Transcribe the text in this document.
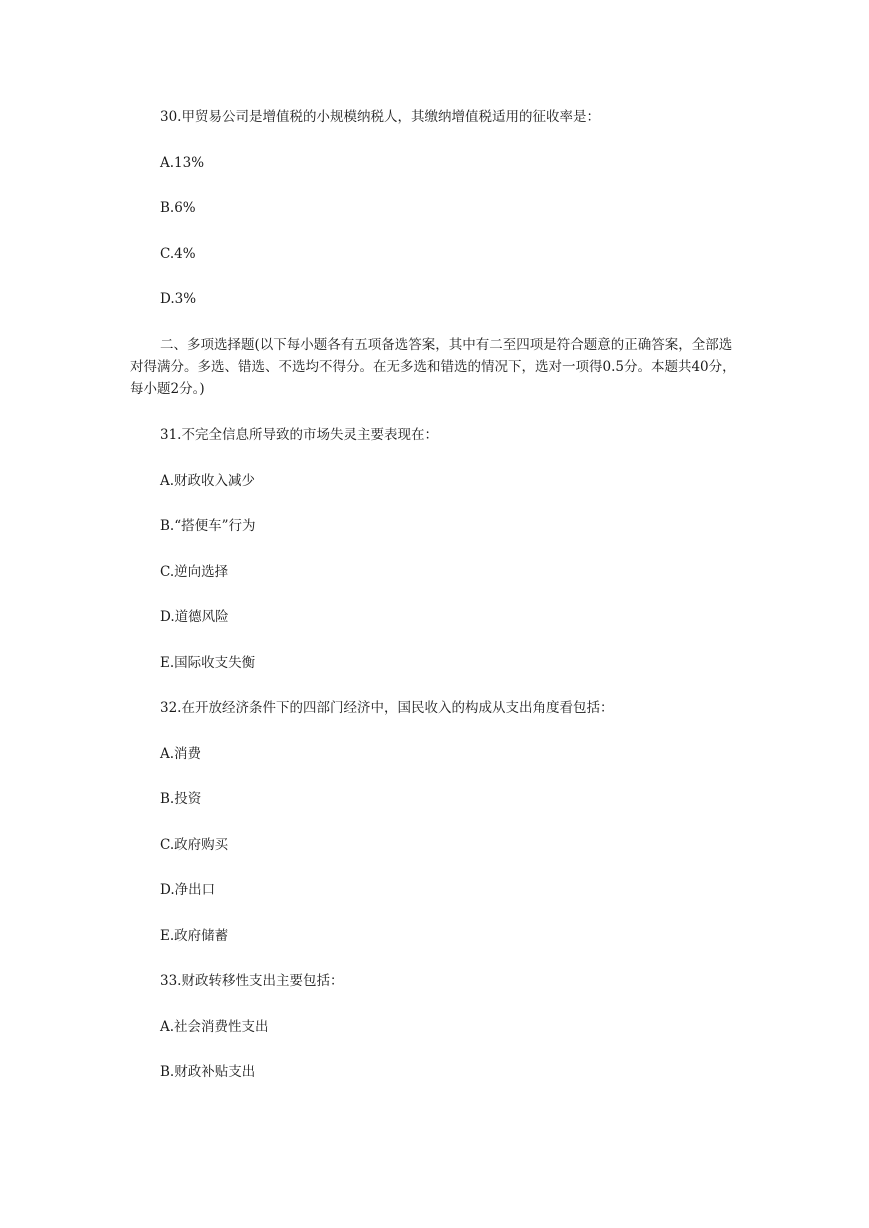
30.甲贸易公司是增值税的小规模纳税人，其缴纳增值税适用的征收率是：
A.13%
B.6%
C.4%
D.3%
二、多项选择题(以下每小题各有五项备选答案，其中有二至四项是符合题意的正确答案，全部选对得满分。多选、错选、不选均不得分。在无多选和错选的情况下，选对一项得0.5分。本题共40分，每小题2分。)
31.不完全信息所导致的市场失灵主要表现在：
A.财政收入减少
B.“搭便车”行为
C.逆向选择
D.道德风险
E.国际收支失衡
32.在开放经济条件下的四部门经济中，国民收入的构成从支出角度看包括：
A.消费
B.投资
C.政府购买
D.净出口
E.政府储蓄
33.财政转移性支出主要包括：
A.社会消费性支出
B.财政补贴支出
